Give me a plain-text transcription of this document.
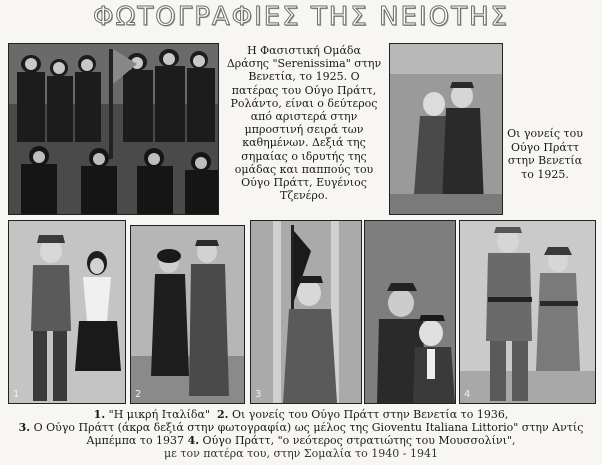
ΦΩΤΟΓΡΑΦΙΕΣ ΤΗΣ ΝΕΙΟΤΗΣ
Η Φασιστική Ομάδα Δράσης "Serenissima" στην Βενετία, το 1925. Ο πατέρας του Ούγο Πράττ, Ρολάντο, είναι ο δεύτερος από αριστερά στην μπροστινή σειρά των καθημένων. Δεξιά της σημαίας ο ιδρυτής της ομάδας και παππούς του Ούγο Πράττ, Ευγένιος Τζενέρο.
Οι γονείς του Ούγο Πράττ στην Βενετία το 1925.
1	2	3	4
1. "Η μικρή Ιταλίδα" 2. Οι γονείς του Ούγο Πράττ στην Βενετία το 1936,
3. Ο Ούγο Πράττ (άκρα δεξιά στην φωτογραφία) ως μέλος της Gioventu Italiana Littorio" στην Αντίς Αμπέμπα το 1937 4. Ούγο Πράττ, "ο νεότερος στρατιώτης του Μουσσολίνι",
με τον πατέρα του, στην Σομαλία το 1940 - 1941
